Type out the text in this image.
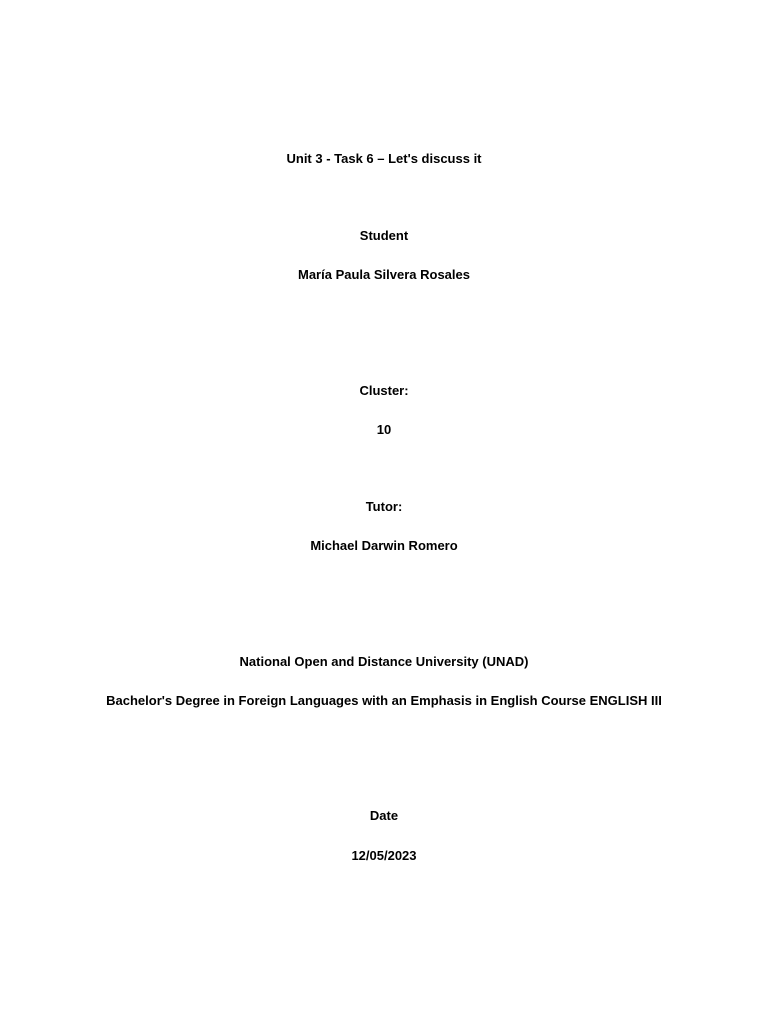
Unit 3 - Task 6 – Let's discuss it
Student
María Paula Silvera Rosales
Cluster:
10
Tutor:
Michael Darwin Romero
National Open and Distance University (UNAD)
Bachelor's Degree in Foreign Languages with an Emphasis in English Course ENGLISH III
Date
12/05/2023
